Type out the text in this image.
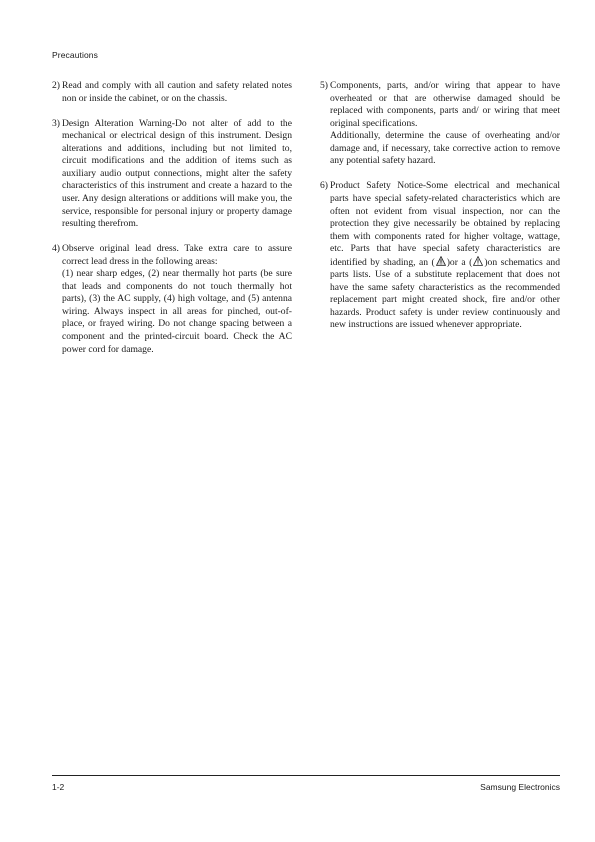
Precautions
2) Read and comply with all caution and safety related notes non or inside the cabinet, or on the chassis.
3) Design Alteration Warning-Do not alter of add to the mechanical or electrical design of this instrument. Design alterations and additions, including but not limited to, circuit modifications and the addition of items such as auxiliary audio output connections, might alter the safety characteristics of this instrument and create a hazard to the user. Any design alterations or additions will make you, the service, responsible for personal injury or property damage resulting therefrom.
4) Observe original lead dress. Take extra care to assure correct lead dress in the following areas:
(1) near sharp edges, (2) near thermally hot parts (be sure that leads and components do not touch thermally hot parts), (3) the AC supply, (4) high voltage, and (5) antenna wiring. Always inspect in all areas for pinched, out-of-place, or frayed wiring. Do not change spacing between a component and the printed-circuit board. Check the AC power cord for damage.
5) Components, parts, and/or wiring that appear to have overheated or that are otherwise damaged should be replaced with components, parts and/ or wiring that meet original specifications.
Additionally, determine the cause of overheating and/or damage and, if necessary, take corrective action to remove any potential safety hazard.
6) Product Safety Notice-Some electrical and mechanical parts have special safety-related characteristics which are often not evident from visual inspection, nor can the protection they give necessarily be obtained by replacing them with components rated for higher voltage, wattage, etc. Parts that have special safety characteristics are identified by shading, an ( )or a ( )on schematics and parts lists. Use of a substitute replacement that does not have the same safety characteristics as the recommended replacement part might created shock, fire and/or other hazards. Product safety is under review continuously and new instructions are issued whenever appropriate.
1-2	Samsung Electronics
